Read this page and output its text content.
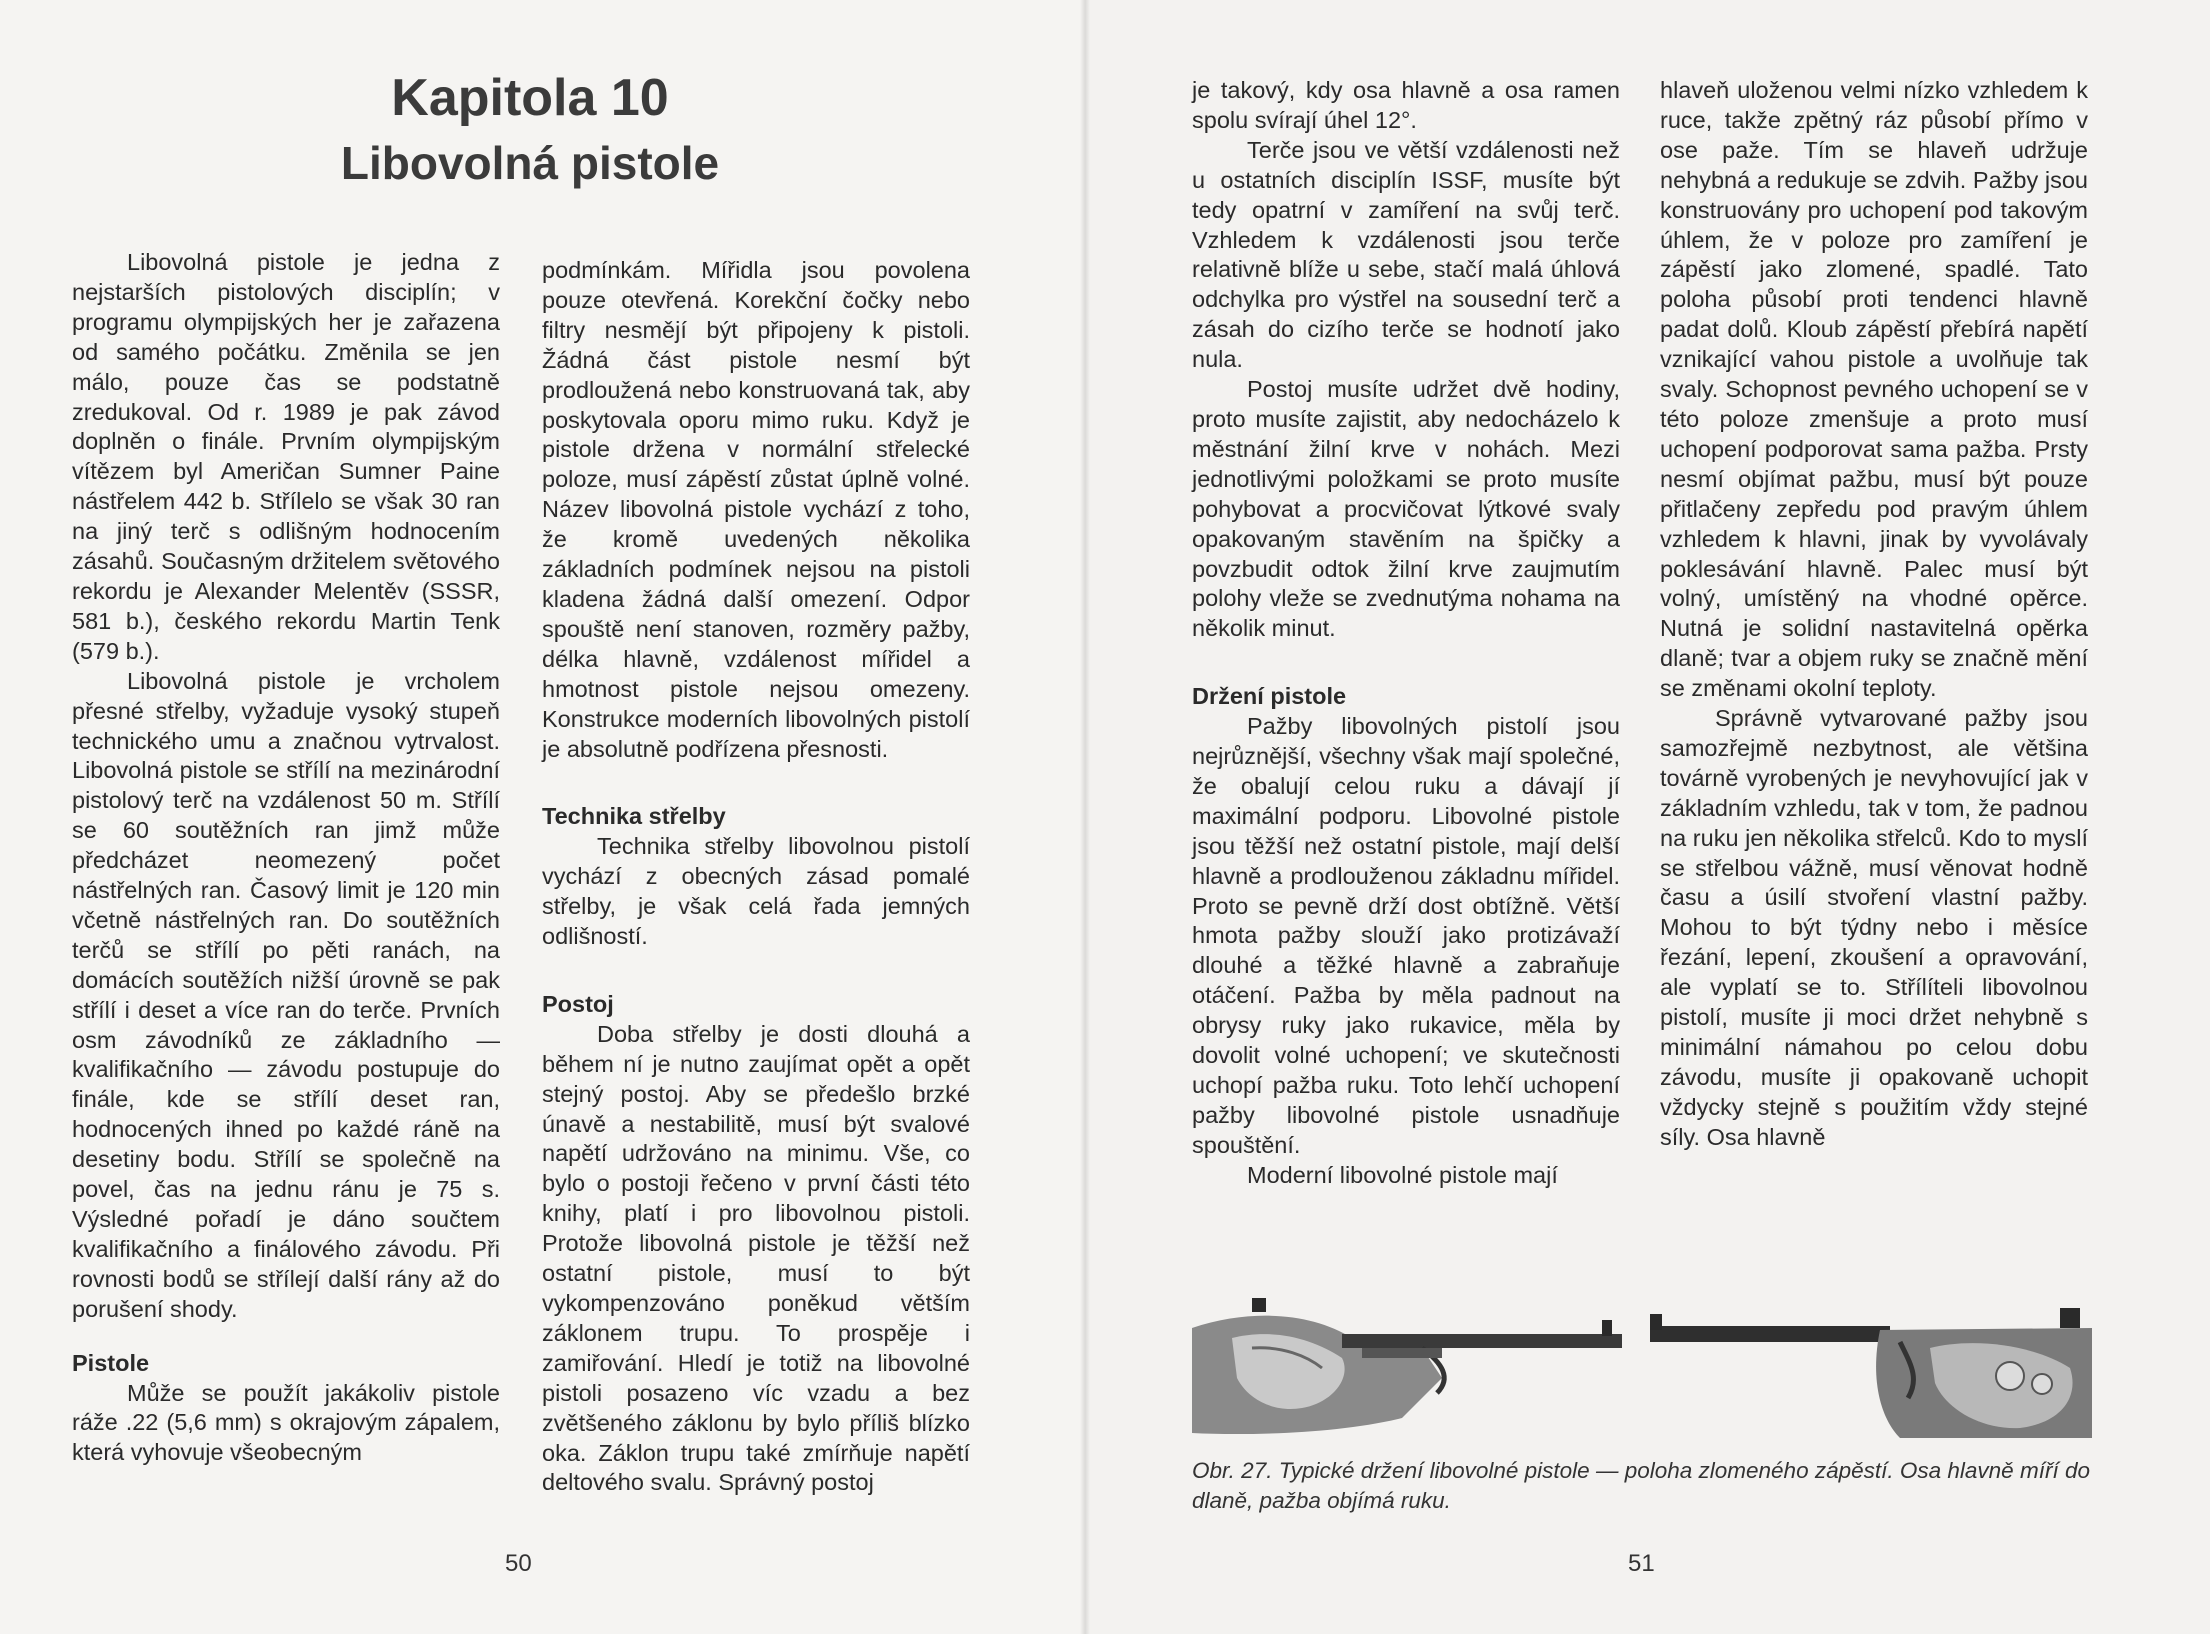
Kapitola 10
Libovolná pistole

Libovolná pistole je jedna z nejstarších pistolových disciplín; v programu olympijských her je zařazena od samého počátku. Změnila se jen málo, pouze čas se podstatně zredukoval. Od r. 1989 je pak závod doplněn o finále. Prvním olympijským vítězem byl Američan Sumner Paine nástřelem 442 b. Střílelo se však 30 ran na jiný terč s odlišným hodnocením zásahů. Současným držitelem světového rekordu je Alexander Melentěv (SSSR, 581 b.), českého rekordu Martin Tenk (579 b.).

Libovolná pistole je vrcholem přesné střelby, vyžaduje vysoký stupeň technického umu a značnou vytrvalost. Libovolná pistole se střílí na mezinárodní pistolový terč na vzdálenost 50 m. Střílí se 60 soutěžních ran jimž může předcházet neomezený počet nástřelných ran. Časový limit je 120 min včetně nástřelných ran. Do soutěžních terčů se střílí po pěti ranách, na domácích soutěžích nižší úrovně se pak střílí i deset a více ran do terče. Prvních osm závodníků ze základního — kvalifikačního — závodu postupuje do finále, kde se střílí deset ran, hodnocených ihned po každé ráně na desetiny bodu. Střílí se společně na povel, čas na jednu ránu je 75 s. Výsledné pořadí je dáno součtem kvalifikačního a finálového závodu. Při rovnosti bodů se střílejí další rány až do porušení shody.

Pistole

Může se použít jakákoliv pistole ráže .22 (5,6 mm) s okrajovým zápalem, která vyhovuje všeobecným

podmínkám. Mířidla jsou povolena pouze otevřená. Korekční čočky nebo filtry nesmějí být připojeny k pistoli. Žádná část pistole nesmí být prodloužená nebo konstruovaná tak, aby poskytovala oporu mimo ruku. Když je pistole držena v normální střelecké poloze, musí zápěstí zůstat úplně volné. Název libovolná pistole vychází z toho, že kromě uvedených několika základních podmínek nejsou na pistoli kladena žádná další omezení. Odpor spouště není stanoven, rozměry pažby, délka hlavně, vzdálenost mířidel a hmotnost pistole nejsou omezeny. Konstrukce moderních libovolných pistolí je absolutně podřízena přesnosti.

Technika střelby

Technika střelby libovolnou pistolí vychází z obecných zásad pomalé střelby, je však celá řada jemných odlišností.

Postoj

Doba střelby je dosti dlouhá a během ní je nutno zaujímat opět a opět stejný postoj. Aby se předešlo brzké únavě a nestabilitě, musí být svalové napětí udržováno na minimu. Vše, co bylo o postoji řečeno v první části této knihy, platí i pro libovolnou pistoli. Protože libovolná pistole je těžší než ostatní pistole, musí to být vykompenzováno poněkud větším záklonem trupu. To prospěje i zamiřování. Hledí je totiž na libovolné pistoli posazeno víc vzadu a bez zvětšeného záklonu by bylo příliš blízko oka. Záklon trupu také zmírňuje napětí deltového svalu. Správný postoj

50

je takový, kdy osa hlavně a osa ramen spolu svírají úhel 12°.

Terče jsou ve větší vzdálenosti než u ostatních disciplín ISSF, musíte být tedy opatrní v zamíření na svůj terč. Vzhledem k vzdálenosti jsou terče relativně blíže u sebe, stačí malá úhlová odchylka pro výstřel na sousední terč a zásah do cizího terče se hodnotí jako nula.

Postoj musíte udržet dvě hodiny, proto musíte zajistit, aby nedocházelo k městnání žilní krve v nohách. Mezi jednotlivými položkami se proto musíte pohybovat a procvičovat lýtkové svaly opakovaným stavěním na špičky a povzbudit odtok žilní krve zaujmutím polohy vleže se zvednutýma nohama na několik minut.

Držení pistole

Pažby libovolných pistolí jsou nejrůznější, všechny však mají společné, že obalují celou ruku a dávají jí maximální podporu. Libovolné pistole jsou těžší než ostatní pistole, mají delší hlavně a prodlouženou základnu mířidel. Proto se pevně drží dost obtížně. Větší hmota pažby slouží jako protizávaží dlouhé a těžké hlavně a zabraňuje otáčení. Pažba by měla padnout na obrysy ruky jako rukavice, měla by dovolit volné uchopení; ve skutečnosti uchopí pažba ruku. Toto lehčí uchopení pažby libovolné pistole usnadňuje spouštění.

Moderní libovolné pistole mají

hlaveň uloženou velmi nízko vzhledem k ruce, takže zpětný ráz působí přímo v ose paže. Tím se hlaveň udržuje nehybná a redukuje se zdvih. Pažby jsou konstruovány pro uchopení pod takovým úhlem, že v poloze pro zamíření je zápěstí jako zlomené, spadlé. Tato poloha působí proti tendenci hlavně padat dolů. Kloub zápěstí přebírá napětí vznikající vahou pistole a uvolňuje tak svaly. Schopnost pevného uchopení se v této poloze zmenšuje a proto musí uchopení podporovat sama pažba. Prsty nesmí objímat pažbu, musí být pouze přitlačeny zepředu pod pravým úhlem vzhledem k hlavni, jinak by vyvolávaly poklesávání hlavně. Palec musí být volný, umístěný na vhodné opěrce. Nutná je solidní nastavitelná opěrka dlaně; tvar a objem ruky se značně mění se změnami okolní teploty.

Správně vytvarované pažby jsou samozřejmě nezbytnost, ale většina továrně vyrobených je nevyhovující jak v základním vzhledu, tak v tom, že padnou na ruku jen několika střelců. Kdo to myslí se střelbou vážně, musí věnovat hodně času a úsilí stvoření vlastní pažby. Mohou to být týdny nebo i měsíce řezání, lepení, zkoušení a opravování, ale vyplatí se to. Střílíteli libovolnou pistolí, musíte ji moci držet nehybně s minimální námahou po celou dobu závodu, musíte ji opakovaně uchopit vždycky stejně s použitím vždy stejné síly. Osa hlavně

Obr. 27. Typické držení libovolné pistole — poloha zlomeného zápěstí. Osa hlavně míří do dlaně, pažba objímá ruku.
51
